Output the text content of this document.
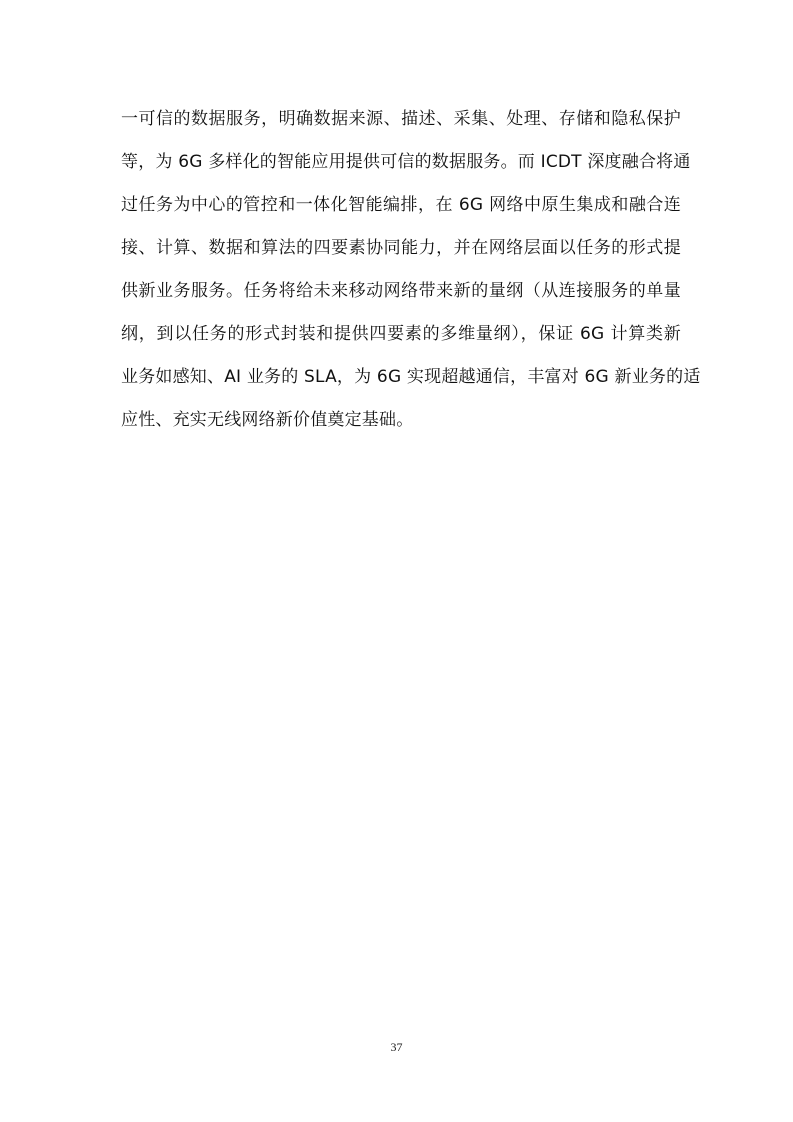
一可信的数据服务，明确数据来源、描述、采集、处理、存储和隐私保护
等，为 6G 多样化的智能应用提供可信的数据服务。而 ICDT 深度融合将通
过任务为中心的管控和一体化智能编排，在 6G 网络中原生集成和融合连
接、计算、数据和算法的四要素协同能力，并在网络层面以任务的形式提
供新业务服务。任务将给未来移动网络带来新的量纲（从连接服务的单量
纲，到以任务的形式封装和提供四要素的多维量纲），保证 6G 计算类新
业务如感知、AI 业务的 SLA，为 6G 实现超越通信，丰富对 6G 新业务的适
应性、充实无线网络新价值奠定基础。
37
